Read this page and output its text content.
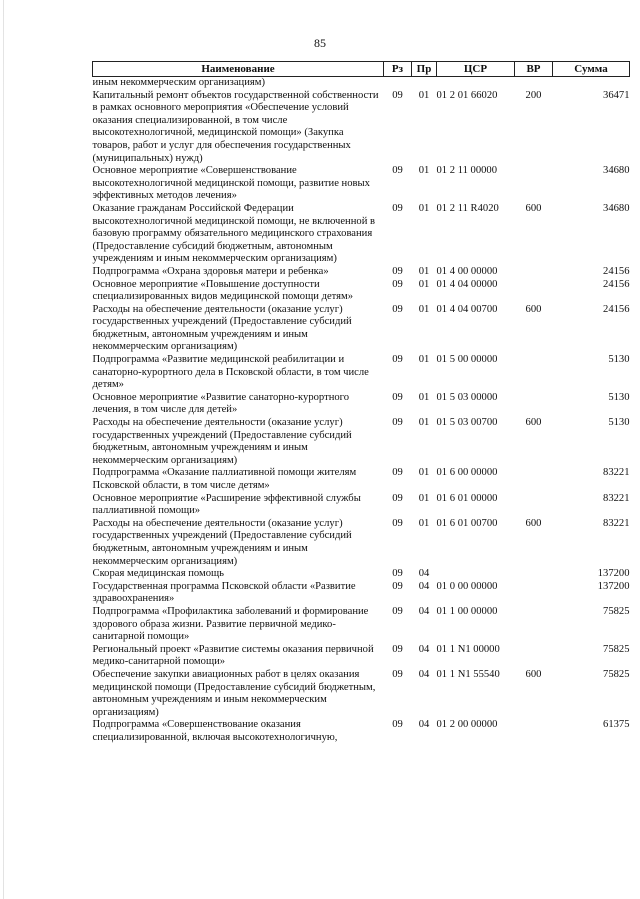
85
Наименование	Рз	Пр	ЦСР	ВР	Сумма
иным некоммерческим организациям)					
Капитальный ремонт объектов государственной собственности в рамках основного мероприятия «Обеспечение условий оказания специализированной, в том числе высокотехнологичной, медицинской помощи» (Закупка товаров, работ и услуг для обеспечения государственных (муниципальных) нужд)	09	01	01 2 01 66020	200	36471
Основное мероприятие «Совершенствование высокотехнологичной медицинской помощи, развитие новых эффективных методов лечения»	09	01	01 2 11 00000		34680
Оказание гражданам Российской Федерации высокотехнологичной медицинской помощи, не включенной в базовую программу обязательного медицинского страхования (Предоставление субсидий бюджетным, автономным учреждениям и иным некоммерческим организациям)	09	01	01 2 11 R4020	600	34680
Подпрограмма «Охрана здоровья матери и ребенка»	09	01	01 4 00 00000		24156
Основное мероприятие «Повышение доступности специализированных видов медицинской помощи детям»	09	01	01 4 04 00000		24156
Расходы на обеспечение деятельности (оказание услуг) государственных учреждений (Предоставление субсидий бюджетным, автономным учреждениям и иным некоммерческим организациям)	09	01	01 4 04 00700	600	24156
Подпрограмма «Развитие медицинской реабилитации и санаторно-курортного дела в Псковской области, в том числе детям»	09	01	01 5 00 00000		5130
Основное мероприятие «Развитие санаторно-курортного лечения, в том числе для детей»	09	01	01 5 03 00000		5130
Расходы на обеспечение деятельности (оказание услуг) государственных учреждений (Предоставление субсидий бюджетным, автономным учреждениям и иным некоммерческим организациям)	09	01	01 5 03 00700	600	5130
Подпрограмма «Оказание паллиативной помощи жителям Псковской области, в том числе детям»	09	01	01 6 00 00000		83221
Основное мероприятие «Расширение эффективной службы паллиативной помощи»	09	01	01 6 01 00000		83221
Расходы на обеспечение деятельности (оказание услуг) государственных учреждений (Предоставление субсидий бюджетным, автономным учреждениям и иным некоммерческим организациям)	09	01	01 6 01 00700	600	83221
Скорая медицинская помощь	09	04			137200
Государственная программа Псковской области «Развитие здравоохранения»	09	04	01 0 00 00000		137200
Подпрограмма «Профилактика заболеваний и формирование здорового образа жизни. Развитие первичной медико-санитарной помощи»	09	04	01 1 00 00000		75825
Региональный проект «Развитие системы оказания первичной медико-санитарной помощи»	09	04	01 1 N1 00000		75825
Обеспечение закупки авиационных работ в целях оказания медицинской помощи (Предоставление субсидий бюджетным, автономным учреждениям и иным некоммерческим организациям)	09	04	01 1 N1 55540	600	75825
Подпрограмма «Совершенствование оказания специализированной, включая высокотехнологичную,	09	04	01 2 00 00000		61375
